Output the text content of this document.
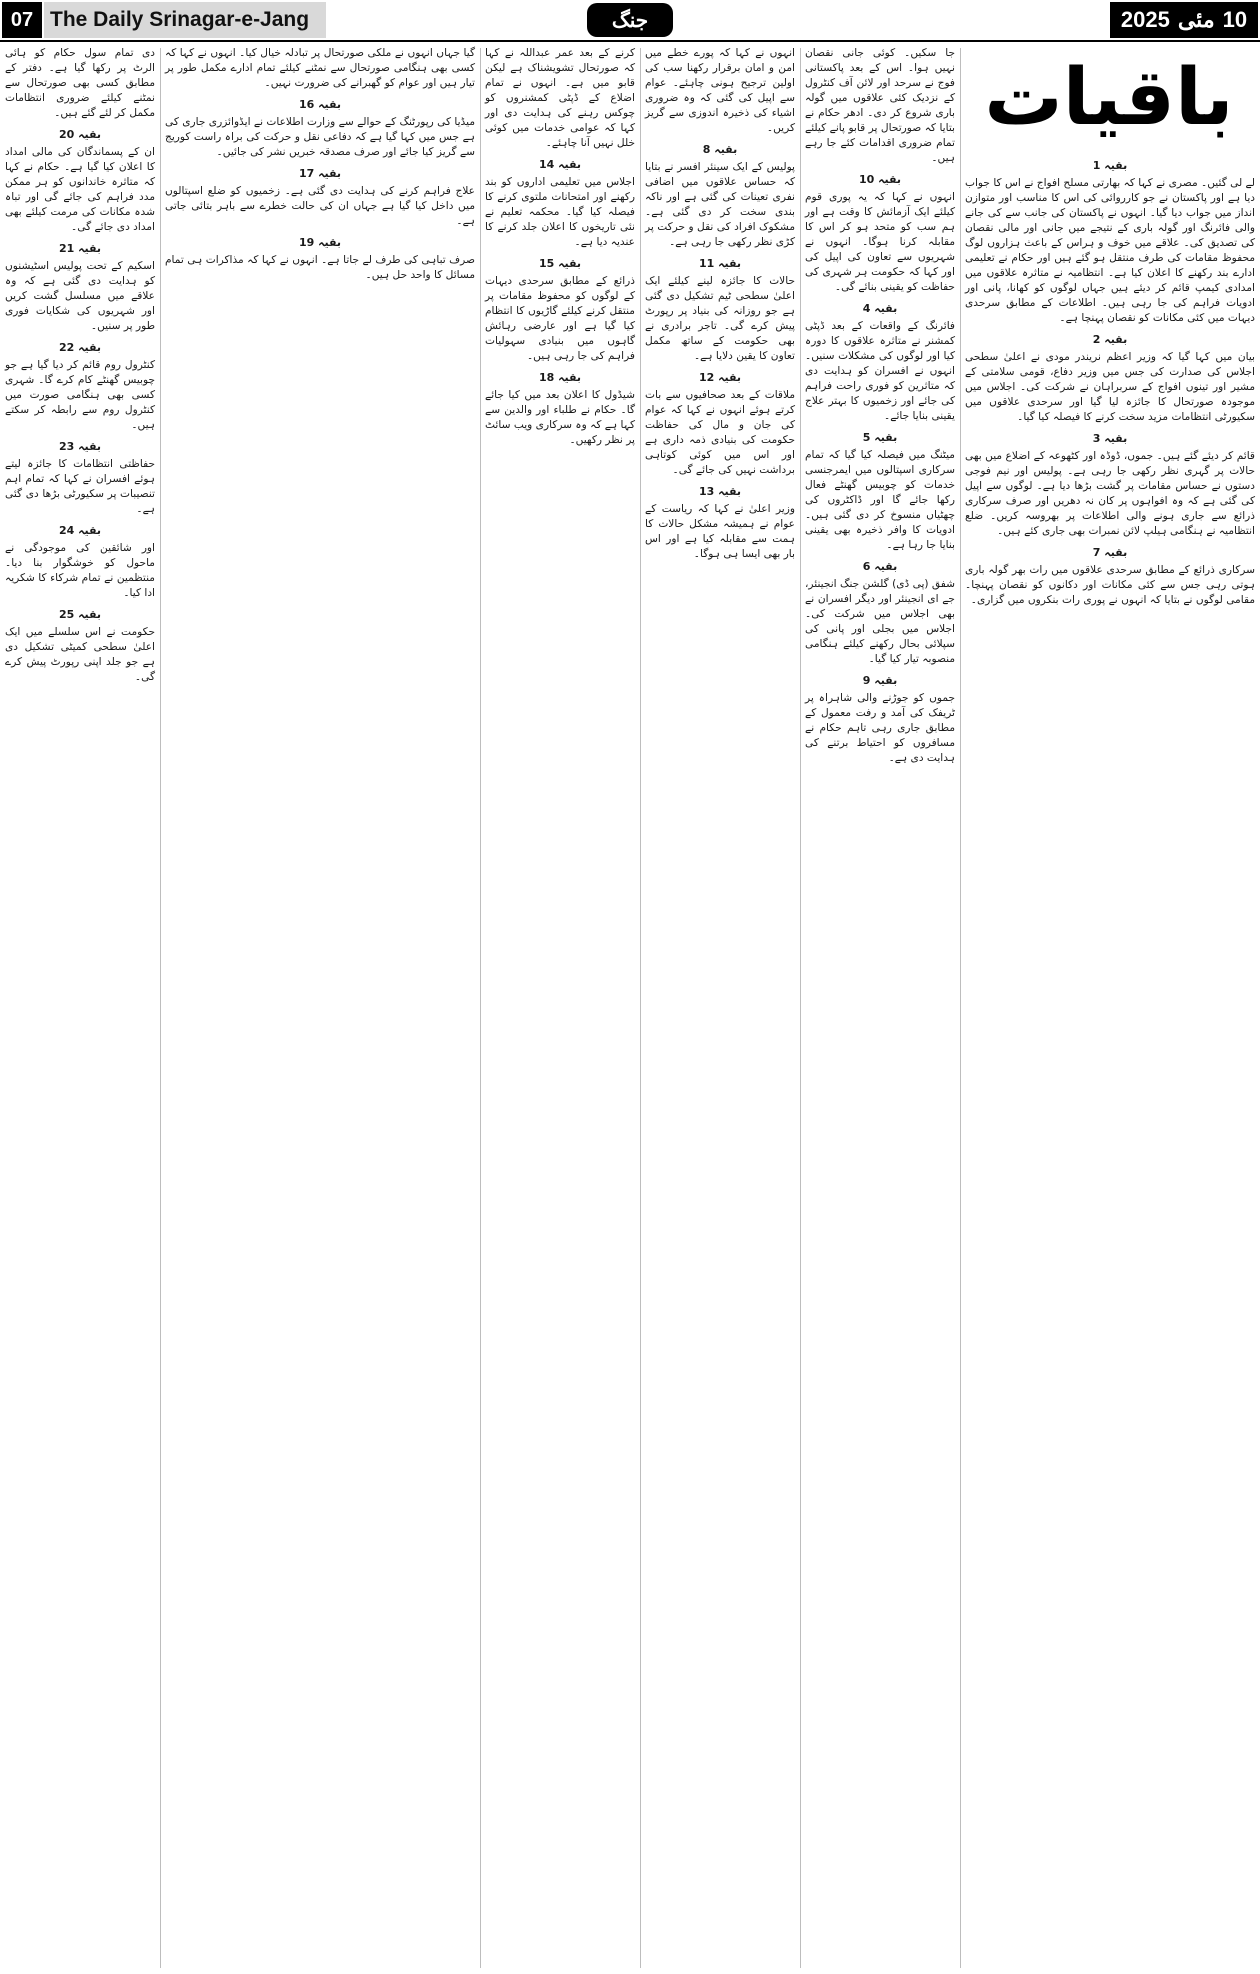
07 The Daily Srinagar-e-Jang	جنگ	2025 مئی 10
باقیات
بقیہ 1
لے لی گئیں۔ مصری نے کہا کہ بھارتی مسلح افواج نے اس کا جواب دیا ہے اور پاکستان نے جو کارروائی کی اس کا مناسب اور متوازن انداز میں جواب دیا گیا۔ انہوں نے پاکستان کی جانب سے کی جانے والی فائرنگ اور گولہ باری کے نتیجے میں جانی اور مالی نقصان کی تصدیق کی۔ علاقے میں خوف و ہراس کے باعث ہزاروں لوگ محفوظ مقامات کی طرف منتقل ہو گئے ہیں اور حکام نے تعلیمی ادارے بند رکھنے کا اعلان کیا ہے۔ انتظامیہ نے متاثرہ علاقوں میں امدادی کیمپ قائم کر دیئے ہیں جہاں لوگوں کو کھانا، پانی اور ادویات فراہم کی جا رہی ہیں۔ اطلاعات کے مطابق سرحدی دیہات میں کئی مکانات کو نقصان پہنچا ہے۔
بقیہ 2
بیان میں کہا گیا کہ وزیر اعظم نریندر مودی نے اعلیٰ سطحی اجلاس کی صدارت کی جس میں وزیر دفاع، قومی سلامتی کے مشیر اور تینوں افواج کے سربراہان نے شرکت کی۔ اجلاس میں موجودہ صورتحال کا جائزہ لیا گیا اور سرحدی علاقوں میں سکیورٹی انتظامات مزید سخت کرنے کا فیصلہ کیا گیا۔
بقیہ 3
قائم کر دیئے گئے ہیں۔ جموں، ڈوڈہ اور کٹھوعہ کے اضلاع میں بھی حالات پر گہری نظر رکھی جا رہی ہے۔ پولیس اور نیم فوجی دستوں نے حساس مقامات پر گشت بڑھا دیا ہے۔ لوگوں سے اپیل کی گئی ہے کہ وہ افواہوں پر کان نہ دھریں اور صرف سرکاری ذرائع سے جاری ہونے والی اطلاعات پر بھروسہ کریں۔ ضلع انتظامیہ نے ہنگامی ہیلپ لائن نمبرات بھی جاری کئے ہیں۔
بقیہ 7
سرکاری ذرائع کے مطابق سرحدی علاقوں میں رات بھر گولہ باری ہوتی رہی جس سے کئی مکانات اور دکانوں کو نقصان پہنچا۔ مقامی لوگوں نے بتایا کہ انہوں نے پوری رات بنکروں میں گزاری۔
جا سکیں۔ کوئی جانی نقصان نہیں ہوا۔ اس کے بعد پاکستانی فوج نے سرحد اور لائن آف کنٹرول کے نزدیک کئی علاقوں میں گولہ باری شروع کر دی۔ ادھر حکام نے بتایا کہ صورتحال پر قابو پانے کیلئے تمام ضروری اقدامات کئے جا رہے ہیں۔
بقیہ 10
انہوں نے کہا کہ یہ پوری قوم کیلئے ایک آزمائش کا وقت ہے اور ہم سب کو متحد ہو کر اس کا مقابلہ کرنا ہوگا۔ انہوں نے شہریوں سے تعاون کی اپیل کی اور کہا کہ حکومت ہر شہری کی حفاظت کو یقینی بنائے گی۔
بقیہ 4
فائرنگ کے واقعات کے بعد ڈپٹی کمشنر نے متاثرہ علاقوں کا دورہ کیا اور لوگوں کی مشکلات سنیں۔ انہوں نے افسران کو ہدایت دی کہ متاثرین کو فوری راحت فراہم کی جائے اور زخمیوں کا بہتر علاج یقینی بنایا جائے۔
بقیہ 5
میٹنگ میں فیصلہ کیا گیا کہ تمام سرکاری اسپتالوں میں ایمرجنسی خدمات کو چوبیس گھنٹے فعال رکھا جائے گا اور ڈاکٹروں کی چھٹیاں منسوخ کر دی گئی ہیں۔ ادویات کا وافر ذخیرہ بھی یقینی بنایا جا رہا ہے۔
بقیہ 6
شفق (پی ڈی) گلشن جنگ انجینئر، جے ای انجینئر اور دیگر افسران نے بھی اجلاس میں شرکت کی۔ اجلاس میں بجلی اور پانی کی سپلائی بحال رکھنے کیلئے ہنگامی منصوبہ تیار کیا گیا۔
بقیہ 9
جموں کو جوڑنے والی شاہراہ پر ٹریفک کی آمد و رفت معمول کے مطابق جاری رہی تاہم حکام نے مسافروں کو احتیاط برتنے کی ہدایت دی ہے۔
انہوں نے کہا کہ پورے خطے میں امن و امان برقرار رکھنا سب کی اولین ترجیح ہونی چاہئے۔ عوام سے اپیل کی گئی کہ وہ ضروری اشیاء کی ذخیرہ اندوزی سے گریز کریں۔
بقیہ 8
پولیس کے ایک سینئر افسر نے بتایا کہ حساس علاقوں میں اضافی نفری تعینات کی گئی ہے اور ناکہ بندی سخت کر دی گئی ہے۔ مشکوک افراد کی نقل و حرکت پر کڑی نظر رکھی جا رہی ہے۔
بقیہ 11
حالات کا جائزہ لینے کیلئے ایک اعلیٰ سطحی ٹیم تشکیل دی گئی ہے جو روزانہ کی بنیاد پر رپورٹ پیش کرے گی۔ تاجر برادری نے بھی حکومت کے ساتھ مکمل تعاون کا یقین دلایا ہے۔
بقیہ 12
ملاقات کے بعد صحافیوں سے بات کرتے ہوئے انہوں نے کہا کہ عوام کی جان و مال کی حفاظت حکومت کی بنیادی ذمہ داری ہے اور اس میں کوئی کوتاہی برداشت نہیں کی جائے گی۔
بقیہ 13
وزیر اعلیٰ نے کہا کہ ریاست کے عوام نے ہمیشہ مشکل حالات کا ہمت سے مقابلہ کیا ہے اور اس بار بھی ایسا ہی ہوگا۔
کرنے کے بعد عمر عبداللہ نے کہا کہ صورتحال تشویشناک ہے لیکن قابو میں ہے۔ انہوں نے تمام اضلاع کے ڈپٹی کمشنروں کو چوکس رہنے کی ہدایت دی اور کہا کہ عوامی خدمات میں کوئی خلل نہیں آنا چاہئے۔
بقیہ 14
اجلاس میں تعلیمی اداروں کو بند رکھنے اور امتحانات ملتوی کرنے کا فیصلہ کیا گیا۔ محکمہ تعلیم نے نئی تاریخوں کا اعلان جلد کرنے کا عندیہ دیا ہے۔
بقیہ 15
ذرائع کے مطابق سرحدی دیہات کے لوگوں کو محفوظ مقامات پر منتقل کرنے کیلئے گاڑیوں کا انتظام کیا گیا ہے اور عارضی رہائش گاہوں میں بنیادی سہولیات فراہم کی جا رہی ہیں۔
بقیہ 18
شیڈول کا اعلان بعد میں کیا جائے گا۔ حکام نے طلباء اور والدین سے کہا ہے کہ وہ سرکاری ویب سائٹ پر نظر رکھیں۔
گیا جہاں انہوں نے ملکی صورتحال پر تبادلہ خیال کیا۔ انہوں نے کہا کہ کسی بھی ہنگامی صورتحال سے نمٹنے کیلئے تمام ادارے مکمل طور پر تیار ہیں اور عوام کو گھبرانے کی ضرورت نہیں۔
بقیہ 16
میڈیا کی رپورٹنگ کے حوالے سے وزارت اطلاعات نے ایڈوائزری جاری کی ہے جس میں کہا گیا ہے کہ دفاعی نقل و حرکت کی براہ راست کوریج سے گریز کیا جائے اور صرف مصدقہ خبریں نشر کی جائیں۔
بقیہ 17
علاج فراہم کرنے کی ہدایت دی گئی ہے۔ زخمیوں کو ضلع اسپتالوں میں داخل کیا گیا ہے جہاں ان کی حالت خطرے سے باہر بتائی جاتی ہے۔
بقیہ 19
صرف تباہی کی طرف لے جاتا ہے۔ انہوں نے کہا کہ مذاکرات ہی تمام مسائل کا واحد حل ہیں۔
دی تمام سول حکام کو ہائی الرٹ پر رکھا گیا ہے۔ دفتر کے مطابق کسی بھی صورتحال سے نمٹنے کیلئے ضروری انتظامات مکمل کر لئے گئے ہیں۔
بقیہ 20
ان کے پسماندگان کی مالی امداد کا اعلان کیا گیا ہے۔ حکام نے کہا کہ متاثرہ خاندانوں کو ہر ممکن مدد فراہم کی جائے گی اور تباہ شدہ مکانات کی مرمت کیلئے بھی امداد دی جائے گی۔
بقیہ 21
اسکیم کے تحت پولیس اسٹیشنوں کو ہدایت دی گئی ہے کہ وہ علاقے میں مسلسل گشت کریں اور شہریوں کی شکایات فوری طور پر سنیں۔
بقیہ 22
کنٹرول روم قائم کر دیا گیا ہے جو چوبیس گھنٹے کام کرے گا۔ شہری کسی بھی ہنگامی صورت میں کنٹرول روم سے رابطہ کر سکتے ہیں۔
بقیہ 23
حفاظتی انتظامات کا جائزہ لیتے ہوئے افسران نے کہا کہ تمام اہم تنصیبات پر سکیورٹی بڑھا دی گئی ہے۔
بقیہ 24
اور شائقین کی موجودگی نے ماحول کو خوشگوار بنا دیا۔ منتظمین نے تمام شرکاء کا شکریہ ادا کیا۔
بقیہ 25
حکومت نے اس سلسلے میں ایک اعلیٰ سطحی کمیٹی تشکیل دی ہے جو جلد اپنی رپورٹ پیش کرے گی۔
